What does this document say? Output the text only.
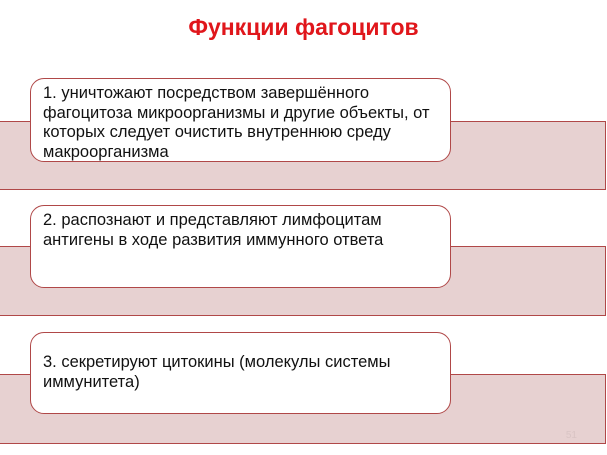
Функции фагоцитов
1. уничтожают посредством завершённого фагоцитоза микроорганизмы и другие объекты, от которых следует очистить внутреннюю среду макроорганизма
2. распознают и представляют лимфоцитам антигены в ходе развития иммунного ответа
3. секретируют цитокины (молекулы системы иммунитета)
51
